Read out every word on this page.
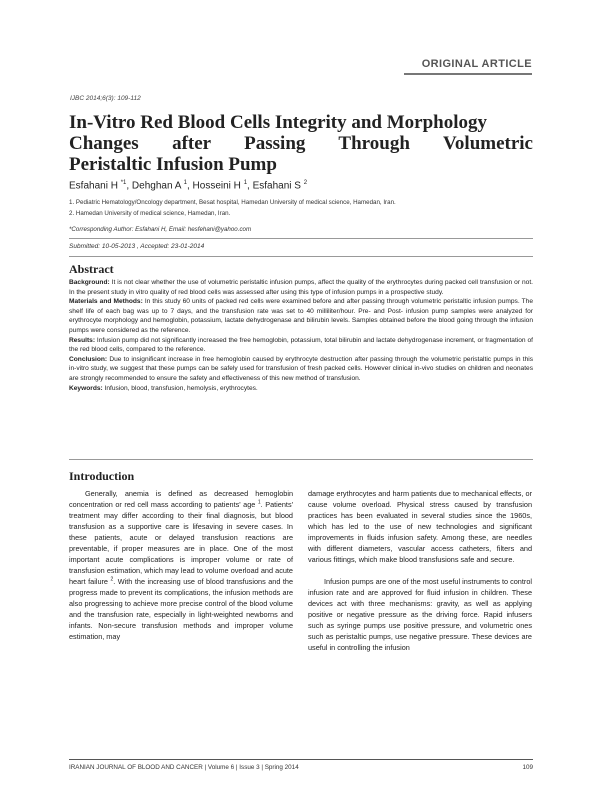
ORIGINAL ARTICLE
IJBC 2014;6(3): 109-112
In-Vitro Red Blood Cells Integrity and Morphology
Changes after Passing Through Volumetric
Peristaltic Infusion Pump
Esfahani H $^{*1}$, Dehghan A $^1$, Hosseini H $^1$, Esfahani S $^2$
1. Pediatric Hematology/Oncology department, Besat hospital, Hamedan University of medical science, Hamedan, Iran.
2. Hamedan University of medical science, Hamedan, Iran.
*Corresponding Author: Esfahani H, Email: hesfehani@yahoo.com
Submitted: 10-05-2013 , Accepted: 23-01-2014
Abstract

Background: It is not clear whether the use of volumetric peristaltic infusion pumps, affect the quality of the erythrocytes during packed cell transfusion or not. In the present study in vitro quality of red blood cells was assessed after using this type of infusion pumps in a prospective study.

Materials and Methods: In this study 60 units of packed red cells were examined before and after passing through volumetric peristaltic infusion pumps. The shelf life of each bag was up to 7 days, and the transfusion rate was set to 40 milliliter/hour. Pre- and Post- infusion pump samples were analyzed for erythrocyte morphology and hemoglobin, potassium, lactate dehydrogenase and bilirubin levels. Samples obtained before the blood going through the infusion pumps were considered as the reference.

Results: Infusion pump did not significantly increased the free hemoglobin, potassium, total bilirubin and lactate dehydrogenase increment, or fragmentation of the red blood cells, compared to the reference.

Conclusion: Due to insignificant increase in free hemoglobin caused by erythrocyte destruction after passing through the volumetric peristaltic pumps in this in-vitro study, we suggest that these pumps can be safely used for transfusion of fresh packed cells. However clinical in-vivo studies on children and neonates are strongly recommended to ensure the safety and effectiveness of this new method of transfusion.

Keywords: Infusion, blood, transfusion, hemolysis, erythrocytes.

Introduction

Generally, anemia is defined as decreased hemoglobin concentration or red cell mass according to patients' age $^1$. Patients' treatment may differ according to their final diagnosis, but blood transfusion as a supportive care is lifesaving in severe cases. In these patients, acute or delayed transfusion reactions are preventable, if proper measures are in place. One of the most important acute complications is improper volume or rate of transfusion estimation, which may lead to volume overload and acute heart failure $^2$. With the increasing use of blood transfusions and the progress made to prevent its complications, the infusion methods are also progressing to achieve more precise control of the blood volume and the transfusion rate, especially in light-weighted newborns and infants. Non-secure transfusion methods and improper volume estimation, may

damage erythrocytes and harm patients due to mechanical effects, or cause volume overload. Physical stress caused by transfusion practices has been evaluated in several studies since the 1960s, which has led to the use of new technologies and significant improvements in fluids infusion safety. Among these, are needles with different diameters, vascular access catheters, filters and various fittings, which make blood transfusions safe and secure.

Infusion pumps are one of the most useful instruments to control infusion rate and are approved for fluid infusion in children. These devices act with three mechanisms: gravity, as well as applying positive or negative pressure as the driving force. Rapid infusers such as syringe pumps use positive pressure, and volumetric ones such as peristaltic pumps, use negative pressure. These devices are useful in controlling the infusion

IRANIAN JOURNAL OF BLOOD AND CANCER | Volume 6 | Issue 3 | Spring 2014	109
